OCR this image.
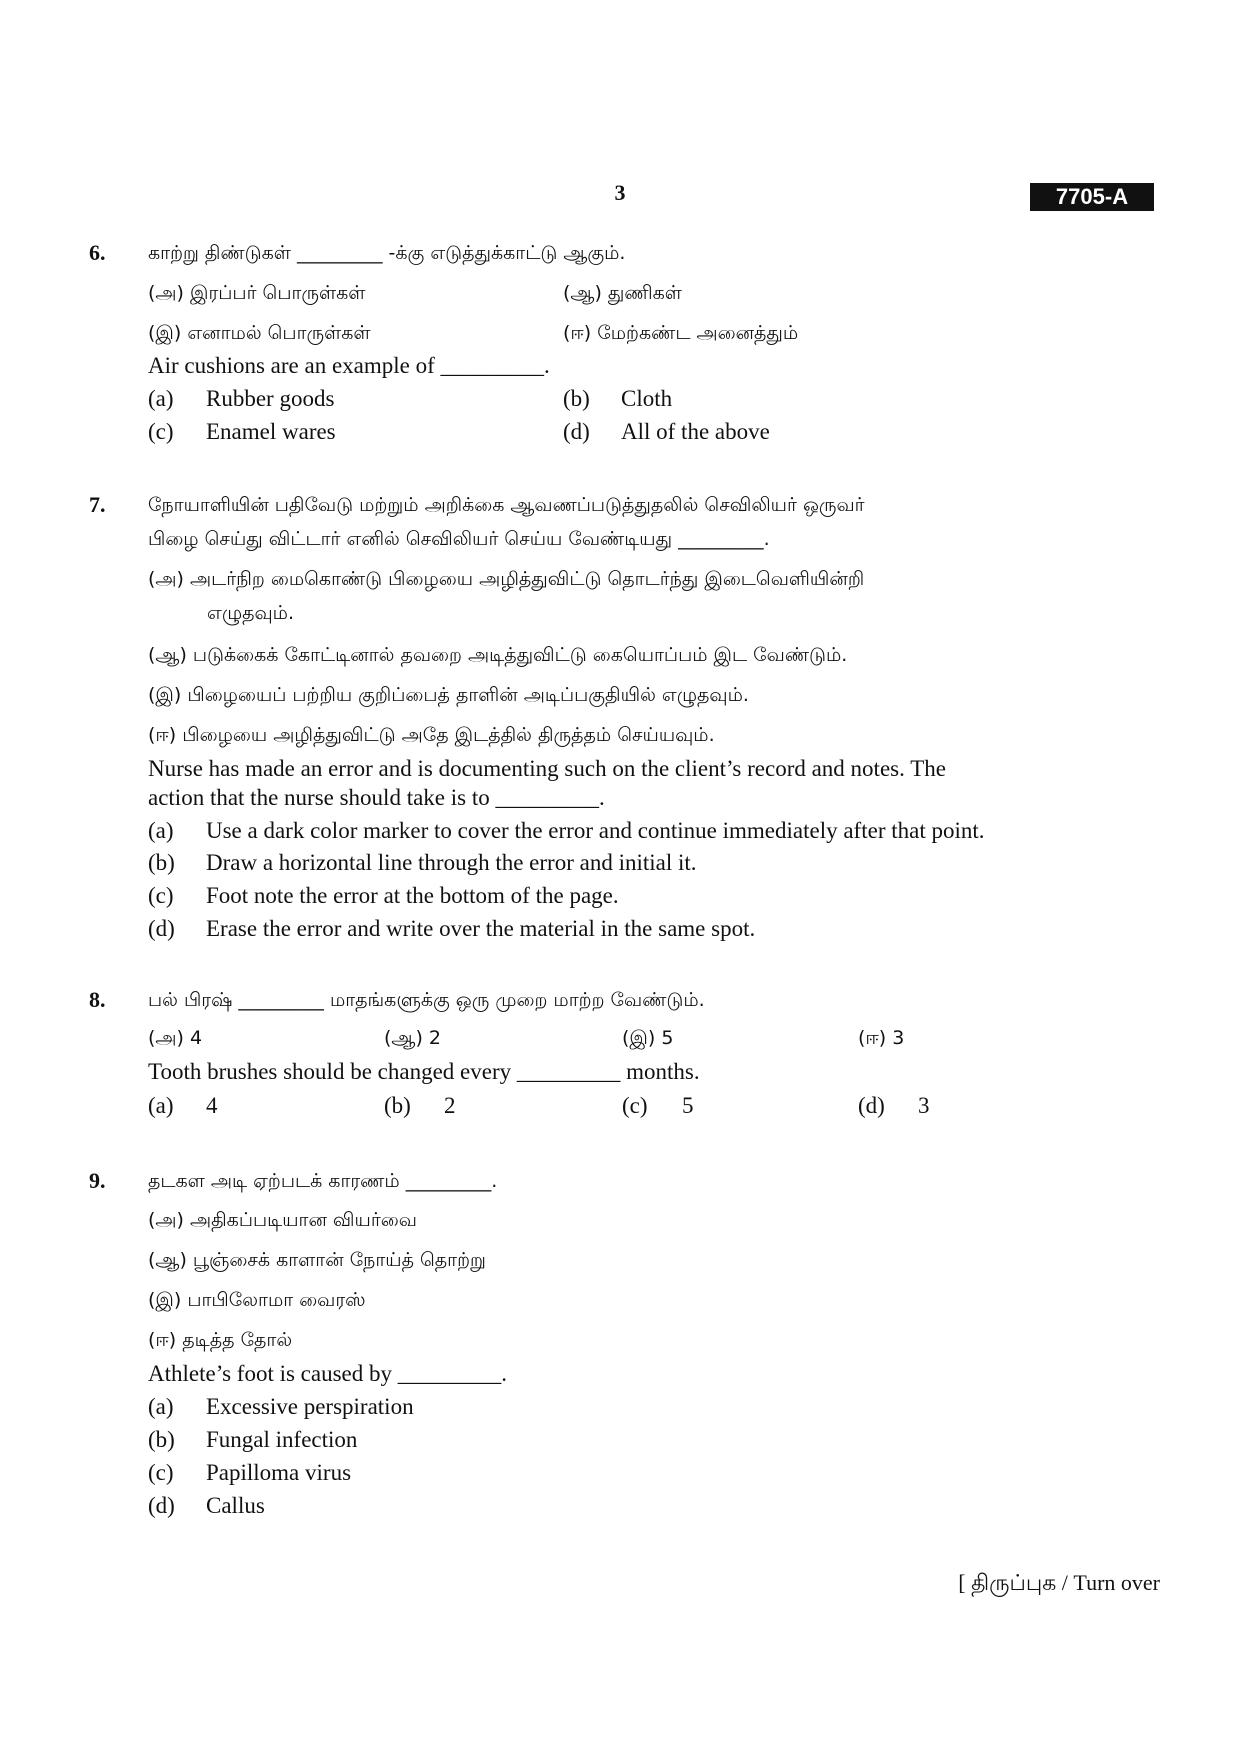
3	7705-A
6. காற்று திண்டுகள் _________ -க்கு எடுத்துக்காட்டு ஆகும்.
(அ) இரப்பர் பொருள்கள்	(ஆ) துணிகள்
(இ) எனாமல் பொருள்கள்	(ஈ) மேற்கண்ட அனைத்தும்
Air cushions are an example of _________.
(a) Rubber goods	(b) Cloth
(c) Enamel wares	(d) All of the above
7. நோயாளியின் பதிவேடு மற்றும் அறிக்கை ஆவணப்படுத்துதலில் செவிலியர் ஒருவர்
பிழை செய்து விட்டார் எனில் செவிலியர் செய்ய வேண்டியது _________.
(அ) அடர்நிற மைகொண்டு பிழையை அழித்துவிட்டு தொடர்ந்து இடைவெளியின்றி
எழுதவும்.
(ஆ) படுக்கைக் கோட்டினால் தவறை அடித்துவிட்டு கையொப்பம் இட வேண்டும்.
(இ) பிழையைப் பற்றிய குறிப்பைத் தாளின் அடிப்பகுதியில் எழுதவும்.
(ஈ) பிழையை அழித்துவிட்டு அதே இடத்தில் திருத்தம் செய்யவும்.
Nurse has made an error and is documenting such on the client’s record and notes. The
action that the nurse should take is to _________.
(a) Use a dark color marker to cover the error and continue immediately after that point.
(b) Draw a horizontal line through the error and initial it.
(c) Foot note the error at the bottom of the page.
(d) Erase the error and write over the material in the same spot.
8. பல் பிரஷ் _________ மாதங்களுக்கு ஒரு முறை மாற்ற வேண்டும்.
(அ) 4	(ஆ) 2	(இ) 5	(ஈ) 3
Tooth brushes should be changed every _________ months.
(a) 4	(b) 2	(c) 5	(d) 3
9. தடகள அடி ஏற்படக் காரணம் _________.
(அ) அதிகப்படியான வியர்வை
(ஆ) பூஞ்சைக் காளான் நோய்த் தொற்று
(இ) பாபிலோமா வைரஸ்
(ஈ) தடித்த தோல்
Athlete’s foot is caused by _________.
(a) Excessive perspiration
(b) Fungal infection
(c) Papilloma virus
(d) Callus
[ திருப்புக / Turn over
